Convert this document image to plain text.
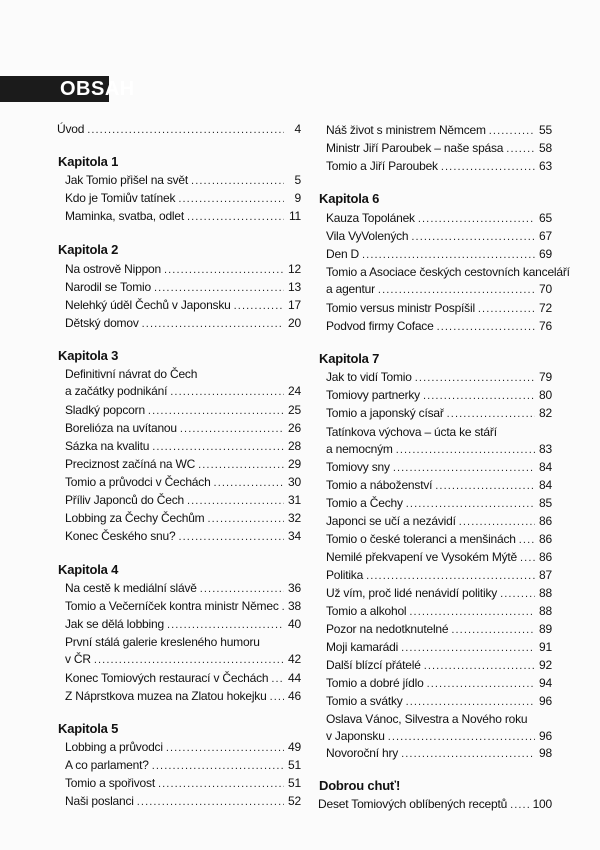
OBSAH
Úvod .....	4
Kapitola 1
Jak Tomio přišel na svět .....	5
Kdo je Tomiův tatínek .....	9
Maminka, svatba, odlet .....	11
Kapitola 2
Na ostrově Nippon .....	12
Narodil se Tomio .....	13
Nelehký úděl Čechů v Japonsku .....	17
Dětský domov .....	20
Kapitola 3
Definitivní návrat do Čech
a začátky podnikání .....	24
Sladký popcorn .....	25
Borelióza na uvítanou .....	26
Sázka na kvalitu .....	28
Preciznost začíná na WC .....	29
Tomio a průvodci v Čechách .....	30
Příliv Japonců do Čech .....	31
Lobbing za Čechy Čechům .....	32
Konec Českého snu? .....	34
Kapitola 4
Na cestě k mediální slávě .....	36
Tomio a Večerníček kontra ministr Němec ..... 38
Jak se dělá lobbing .....	40
První stálá galerie kresleného humoru
v ČR .....	42
Konec Tomiových restaurací v Čechách ..... 44
Z Náprstkova muzea na Zlatou hokejku ..... 46
Kapitola 5
Lobbing a průvodci .....	49
A co parlament? .....	51
Tomio a spořivost .....	51
Naši poslanci .....	52
Náš život s ministrem Němcem .....	55
Ministr Jiří Paroubek – naše spása .....	58
Tomio a Jiří Paroubek .....	63
Kapitola 6
Kauza Topolánek .....	65
Vila VyVolených .....	67
Den D .....	69
Tomio a Asociace českých cestovních kanceláří
a agentur .....	70
Tomio versus ministr Pospíšil .....	72
Podvod firmy Coface .....	76
Kapitola 7
Jak to vidí Tomio .....	79
Tomiovy partnerky .....	80
Tomio a japonský císař .....	82
Tatínkova výchova – úcta ke stáří
a nemocným .....	83
Tomiovy sny .....	84
Tomio a náboženství .....	84
Tomio a Čechy .....	85
Japonci se učí a nezávidí .....	86
Tomio o české toleranci a menšinách ..... 86
Nemilé překvapení ve Vysokém Mýtě ..... 86
Politika .....	87
Už vím, proč lidé nenávidí politiky .....	88
Tomio a alkohol .....	88
Pozor na nedotknutelné .....	89
Moji kamarádi .....	91
Další blízcí přátelé .....	92
Tomio a dobré jídlo .....	94
Tomio a svátky .....	96
Oslava Vánoc, Silvestra a Nového roku
v Japonsku .....	96
Novoroční hry .....	98
Dobrou chuť!
Deset Tomiových oblíbených receptů ..... 100
